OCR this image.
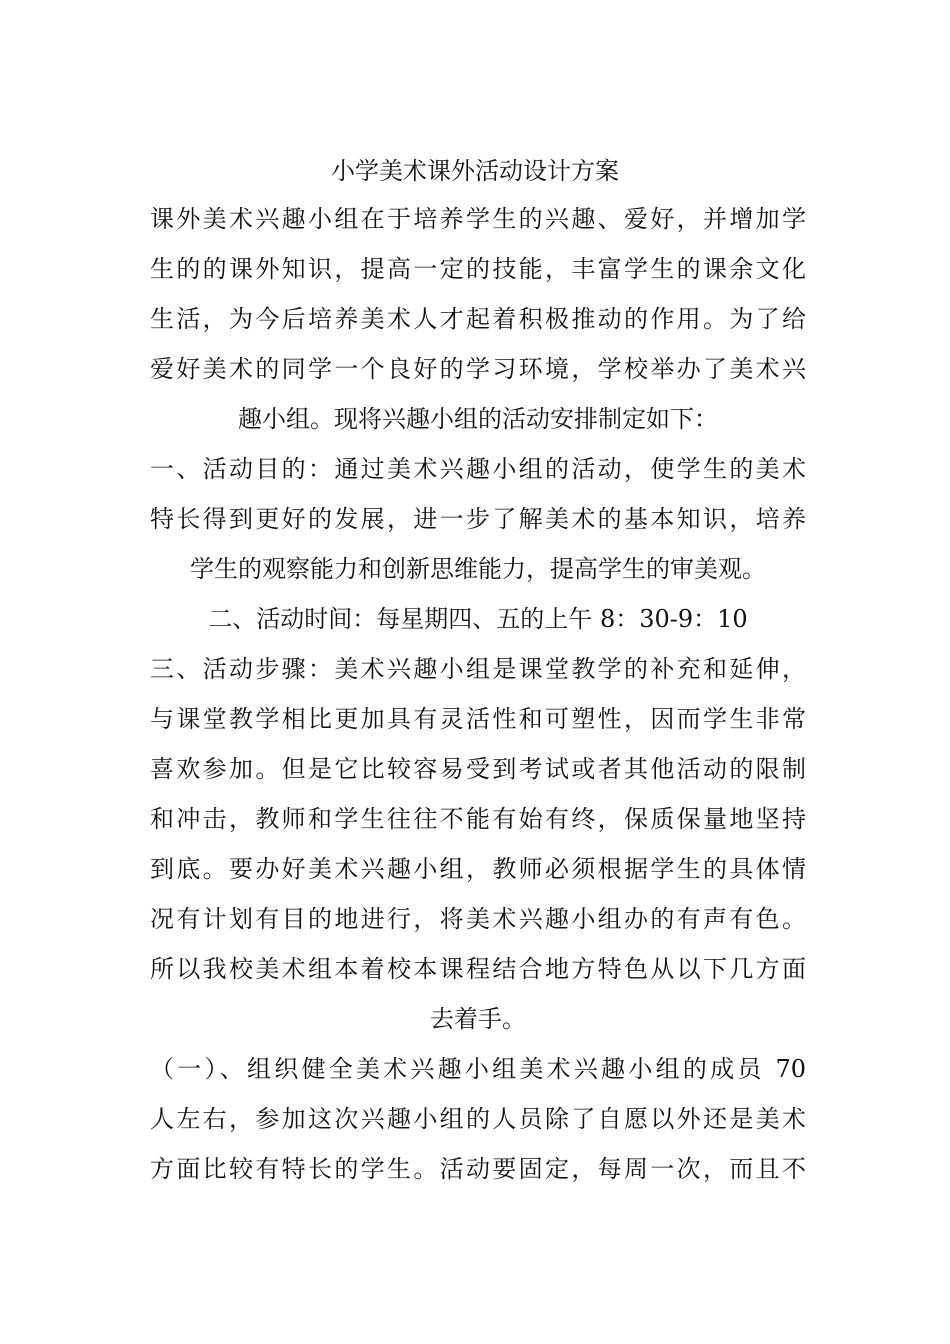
小学美术课外活动设计方案
课外美术兴趣小组在于培养学生的兴趣、爱好，并增加学
生的的课外知识，提高一定的技能，丰富学生的课余文化
生活，为今后培养美术人才起着积极推动的作用。为了给
爱好美术的同学一个良好的学习环境，学校举办了美术兴
趣小组。现将兴趣小组的活动安排制定如下：
一、活动目的：通过美术兴趣小组的活动，使学生的美术
特长得到更好的发展，进一步了解美术的基本知识，培养
学生的观察能力和创新思维能力，提高学生的审美观。
二、活动时间：每星期四、五的上午 8：30-9：10
三、活动步骤：美术兴趣小组是课堂教学的补充和延伸，
与课堂教学相比更加具有灵活性和可塑性，因而学生非常
喜欢参加。但是它比较容易受到考试或者其他活动的限制
和冲击，教师和学生往往不能有始有终，保质保量地坚持
到底。要办好美术兴趣小组，教师必须根据学生的具体情
况有计划有目的地进行，将美术兴趣小组办的有声有色。
所以我校美术组本着校本课程结合地方特色从以下几方面
去着手。
（一）、组织健全美术兴趣小组美术兴趣小组的成员 70
人左右，参加这次兴趣小组的人员除了自愿以外还是美术
方面比较有特长的学生。活动要固定，每周一次，而且不
